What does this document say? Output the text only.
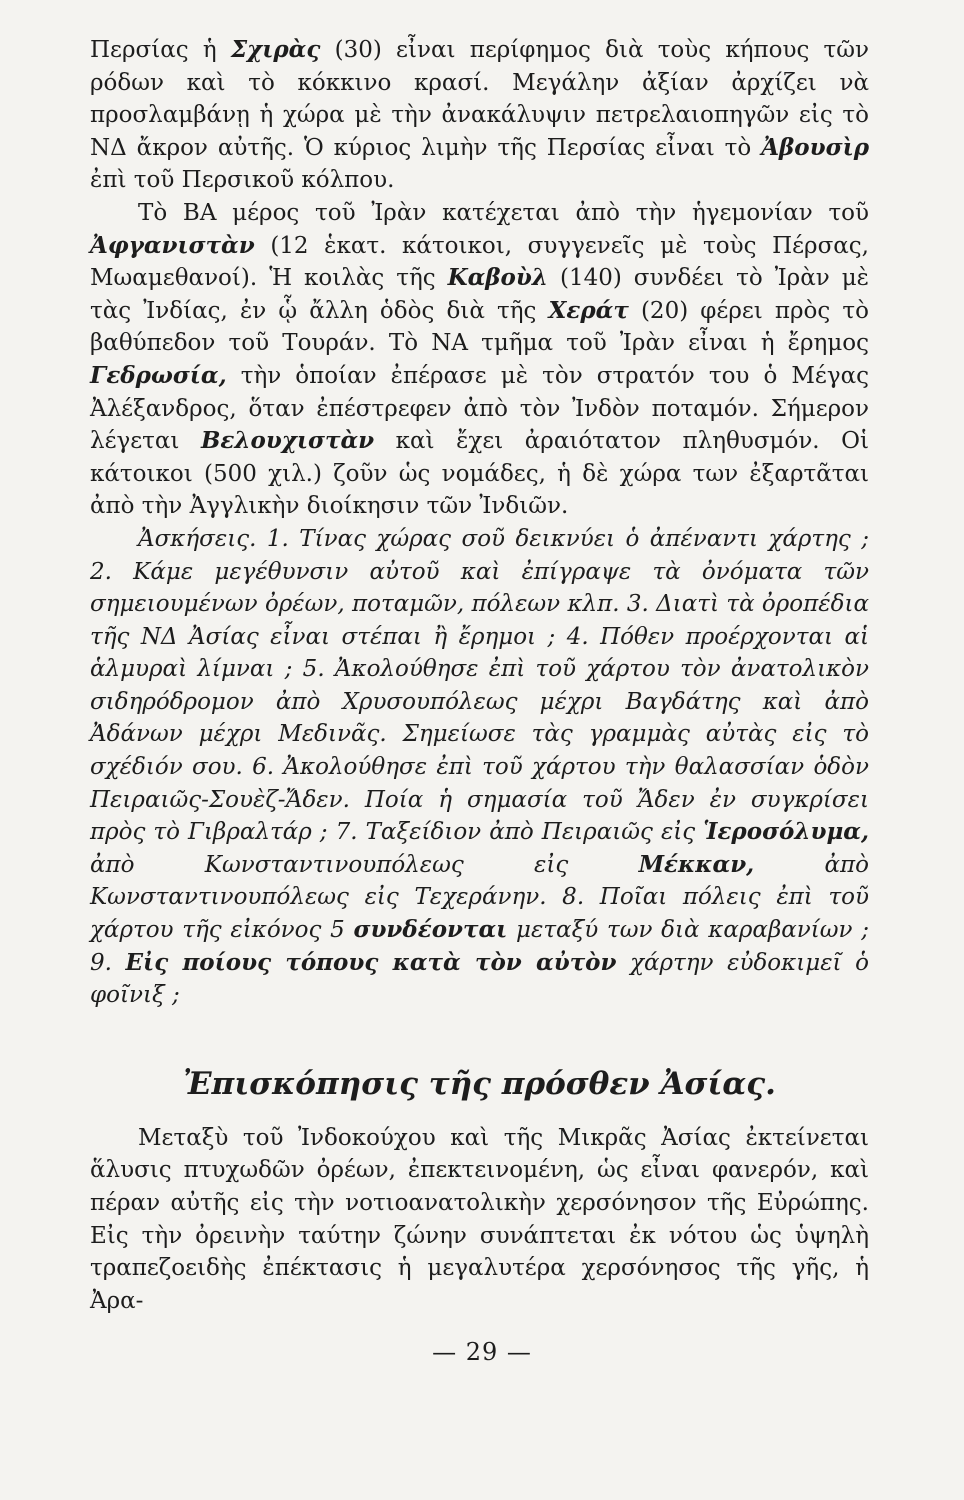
Περσίας ἡ Σχιρὰς (30) εἶναι περίφημος διὰ τοὺς κήπους τῶν ρόδων καὶ τὸ κόκκινο κρασί. Μεγάλην ἀξίαν ἀρχίζει νὰ προσλαμβάνῃ ἡ χώρα μὲ τὴν ἀνακάλυψιν πετρελαιοπηγῶν εἰς τὸ ΝΔ ἄκρον αὐτῆς. Ὁ κύριος λιμὴν τῆς Περσίας εἶναι τὸ Ἀβουσὶρ ἐπὶ τοῦ Περσικοῦ κόλπου.

Τὸ ΒΑ μέρος τοῦ Ἰρὰν κατέχεται ἀπὸ τὴν ἡγεμονίαν τοῦ Ἀφγανιστὰν (12 ἑκατ. κάτοικοι, συγγενεῖς μὲ τοὺς Πέρσας, Μωαμεθανοί). Ἡ κοιλὰς τῆς Καβοὺλ (140) συνδέει τὸ Ἰρὰν μὲ τὰς Ἰνδίας, ἐν ᾧ ἄλλη ὁδὸς διὰ τῆς Χεράτ (20) φέρει πρὸς τὸ βαθύπεδον τοῦ Τουράν. Τὸ ΝΑ τμῆμα τοῦ Ἰρὰν εἶναι ἡ ἔρημος Γεδρωσία, τὴν ὁποίαν ἐπέρασε μὲ τὸν στρατόν του ὁ Μέγας Ἀλέξανδρος, ὅταν ἐπέστρεφεν ἀπὸ τὸν Ἰνδὸν ποταμόν. Σήμερον λέγεται Βελουχιστὰν καὶ ἔχει ἀραιότατον πληθυσμόν. Οἱ κάτοικοι (500 χιλ.) ζοῦν ὡς νομάδες, ἡ δὲ χώρα των ἐξαρτᾶται ἀπὸ τὴν Ἀγγλικὴν διοίκησιν τῶν Ἰνδιῶν.

Ἀσκήσεις. 1. Τίνας χώρας σοῦ δεικνύει ὁ ἀπέναντι χάρτης ; 2. Κάμε μεγέθυνσιν αὐτοῦ καὶ ἐπίγραψε τὰ ὀνόματα τῶν σημειουμένων ὀρέων, ποταμῶν, πόλεων κλπ. 3. Διατὶ τὰ ὀροπέδια τῆς ΝΔ Ἀσίας εἶναι στέπαι ἢ ἔρημοι ; 4. Πόθεν προέρχονται αἱ ἁλμυραὶ λίμναι ; 5. Ἀκολούθησε ἐπὶ τοῦ χάρτου τὸν ἀνατολικὸν σιδηρόδρομον ἀπὸ Χρυσουπόλεως μέχρι Βαγδάτης καὶ ἀπὸ Ἀδάνων μέχρι Μεδινᾶς. Σημείωσε τὰς γραμμὰς αὐτὰς εἰς τὸ σχέδιόν σου. 6. Ἀκολούθησε ἐπὶ τοῦ χάρτου τὴν θαλασσίαν ὁδὸν Πειραιῶς-Σουὲζ-Ἄδεν. Ποία ἡ σημασία τοῦ Ἄδεν ἐν συγκρίσει πρὸς τὸ Γιβραλτάρ ; 7. Ταξείδιον ἀπὸ Πειραιῶς εἰς Ἱεροσόλυμα, ἀπὸ Κωνσταντινουπόλεως εἰς Μέκκαν, ἀπὸ Κωνσταντινουπόλεως εἰς Τεχεράνην. 8. Ποῖαι πόλεις ἐπὶ τοῦ χάρτου τῆς εἰκόνος 5 συνδέονται μεταξύ των διὰ καραβανίων ; 9. Εἰς ποίους τόπους κατὰ τὸν αὐτὸν χάρτην εὐδοκιμεῖ ὁ φοῖνιξ ;

Ἐπισκόπησις τῆς πρόσθεν Ἀσίας.

Μεταξὺ τοῦ Ἰνδοκούχου καὶ τῆς Μικρᾶς Ἀσίας ἐκτείνεται ἅλυσις πτυχωδῶν ὀρέων, ἐπεκτεινομένη, ὡς εἶναι φανερόν, καὶ πέραν αὐτῆς εἰς τὴν νοτιοανατολικὴν χερσόνησον τῆς Εὐρώπης. Εἰς τὴν ὀρεινὴν ταύτην ζώνην συνάπτεται ἐκ νότου ὡς ὑψηλὴ τραπεζοειδὴς ἐπέκτασις ἡ μεγαλυτέρα χερσόνησος τῆς γῆς, ἡ Ἀρα-

— 29 —
